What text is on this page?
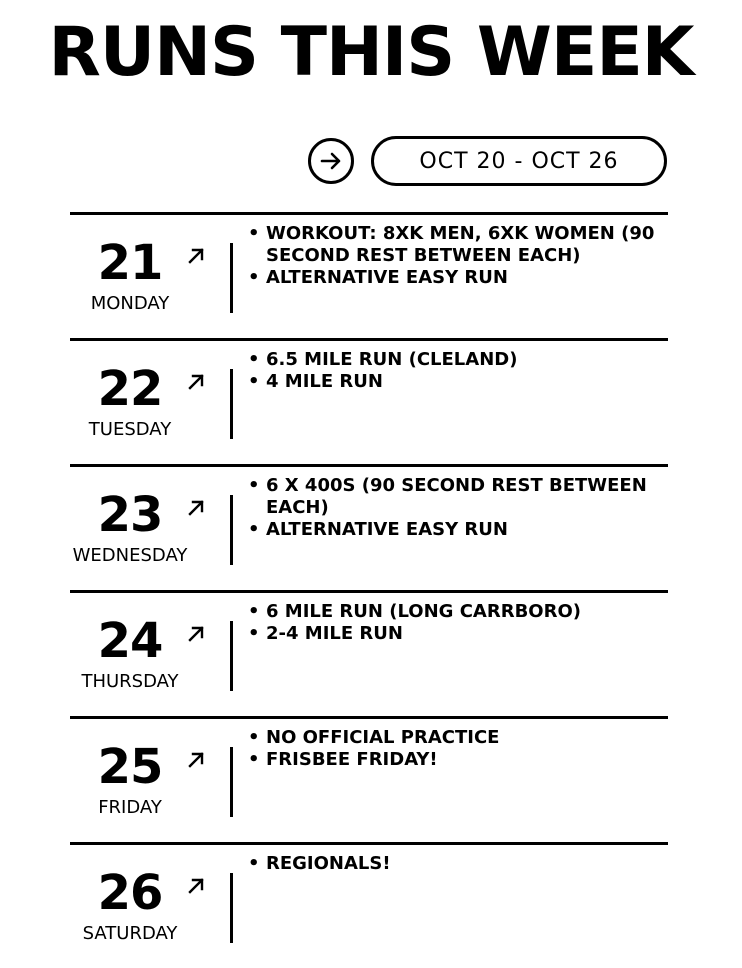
RUNS THIS WEEK
OCT 20 - OCT 26
21
MONDAY
• WORKOUT: 8XK MEN, 6XK WOMEN (90 SECOND REST BETWEEN EACH)
• ALTERNATIVE EASY RUN
22
TUESDAY
• 6.5 MILE RUN (CLELAND)
• 4 MILE RUN
23
WEDNESDAY
• 6 X 400S (90 SECOND REST BETWEEN EACH)
• ALTERNATIVE EASY RUN
24
THURSDAY
• 6 MILE RUN (LONG CARRBORO)
• 2-4 MILE RUN
25
FRIDAY
• NO OFFICIAL PRACTICE
• FRISBEE FRIDAY!
26
SATURDAY
• REGIONALS!
